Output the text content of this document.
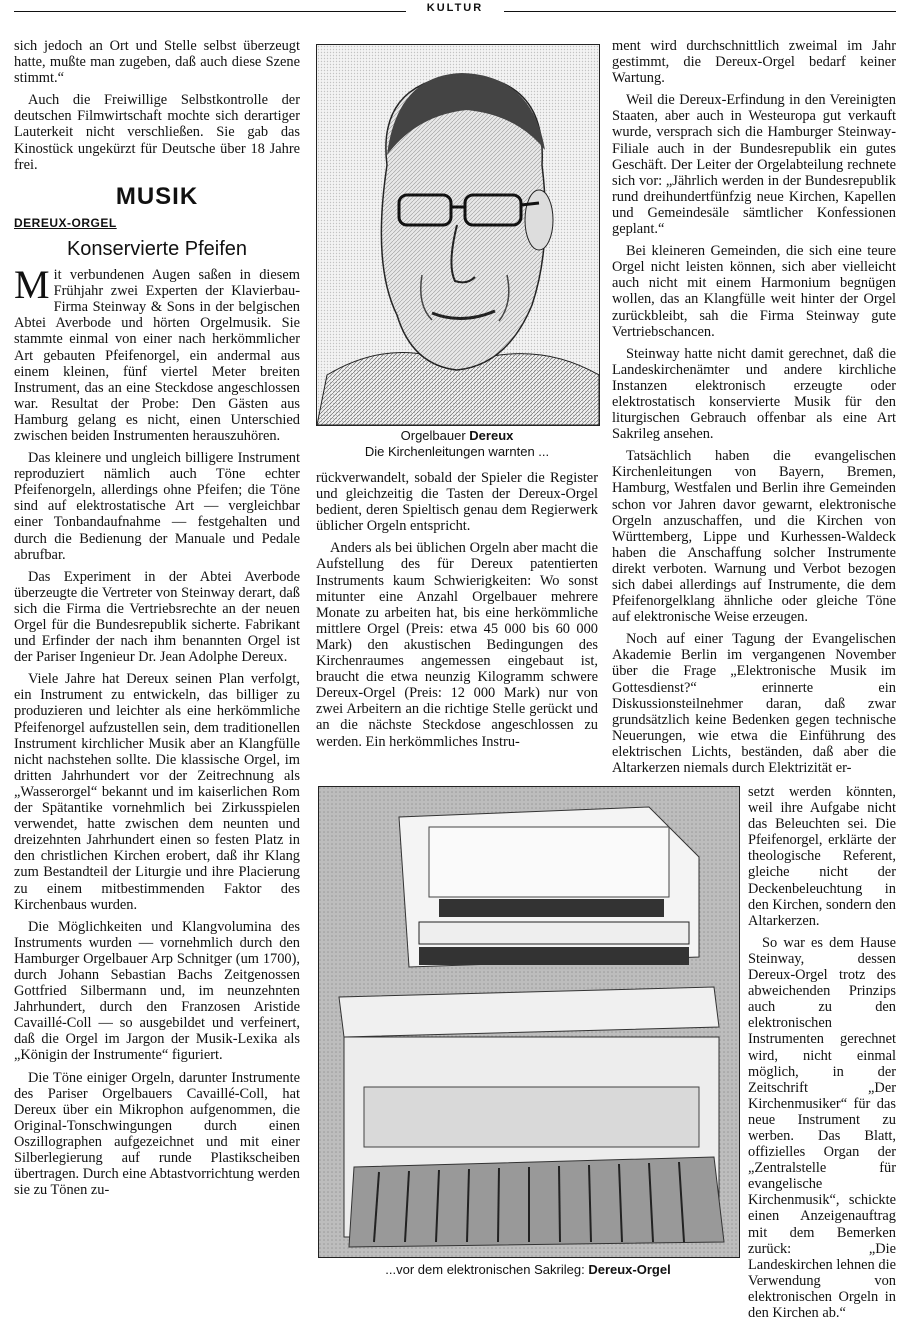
KULTUR

sich jedoch an Ort und Stelle selbst überzeugt hatte, mußte man zugeben, daß auch diese Szene stimmt.“

Auch die Freiwillige Selbstkontrolle der deutschen Filmwirtschaft mochte sich derartiger Lauterkeit nicht verschließen. Sie gab das Kinostück ungekürzt für Deutsche über 18 Jahre frei.

MUSIK
DEREUX-ORGEL
Konservierte Pfeifen

Mit verbundenen Augen saßen in diesem Frühjahr zwei Experten der Klavierbau-Firma Steinway & Sons in der belgischen Abtei Averbode und hörten Orgelmusik. Sie stammte einmal von einer nach herkömmlicher Art gebauten Pfeifenorgel, ein andermal aus einem kleinen, fünf viertel Meter breiten Instrument, das an eine Steckdose angeschlossen war. Resultat der Probe: Den Gästen aus Hamburg gelang es nicht, einen Unterschied zwischen beiden Instrumenten herauszuhören.

Das kleinere und ungleich billigere Instrument reproduziert nämlich auch Töne echter Pfeifenorgeln, allerdings ohne Pfeifen; die Töne sind auf elektrostatische Art — vergleichbar einer Tonbandaufnahme — festgehalten und durch die Bedienung der Manuale und Pedale abrufbar.

Das Experiment in der Abtei Averbode überzeugte die Vertreter von Steinway derart, daß sich die Firma die Vertriebsrechte an der neuen Orgel für die Bundesrepublik sicherte. Fabrikant und Erfinder der nach ihm benannten Orgel ist der Pariser Ingenieur Dr. Jean Adolphe Dereux.

Viele Jahre hat Dereux seinen Plan verfolgt, ein Instrument zu entwickeln, das billiger zu produzieren und leichter als eine herkömmliche Pfeifenorgel aufzustellen sein, dem traditionellen Instrument kirchlicher Musik aber an Klangfülle nicht nachstehen sollte. Die klassische Orgel, im dritten Jahrhundert vor der Zeitrechnung als „Wasserorgel“ bekannt und im kaiserlichen Rom der Spätantike vornehmlich bei Zirkusspielen verwendet, hatte zwischen dem neunten und dreizehnten Jahrhundert einen so festen Platz in den christlichen Kirchen erobert, daß ihr Klang zum Bestandteil der Liturgie und ihre Placierung zu einem mitbestimmenden Faktor des Kirchenbaus wurden.

Die Möglichkeiten und Klangvolumina des Instruments wurden — vornehmlich durch den Hamburger Orgelbauer Arp Schnitger (um 1700), durch Johann Sebastian Bachs Zeitgenossen Gottfried Silbermann und, im neunzehnten Jahrhundert, durch den Franzosen Aristide Cavaillé-Coll — so ausgebildet und verfeinert, daß die Orgel im Jargon der Musik-Lexika als „Königin der Instrumente“ figuriert.

Die Töne einiger Orgeln, darunter Instrumente des Pariser Orgelbauers Cavaillé-Coll, hat Dereux über ein Mikrophon aufgenommen, die Original-Tonschwingungen durch einen Oszillographen aufgezeichnet und mit einer Silberlegierung auf runde Plastikscheiben übertragen. Durch eine Abtastvorrichtung werden sie zu Tönen zu-

Orgelbauer Dereux
Die Kirchenleitungen warnten ...

rückverwandelt, sobald der Spieler die Register und gleichzeitig die Tasten der Dereux-Orgel bedient, deren Spieltisch genau dem Regierwerk üblicher Orgeln entspricht.

Anders als bei üblichen Orgeln aber macht die Aufstellung des für Dereux patentierten Instruments kaum Schwierigkeiten: Wo sonst mitunter eine Anzahl Orgelbauer mehrere Monate zu arbeiten hat, bis eine herkömmliche mittlere Orgel (Preis: etwa 45 000 bis 60 000 Mark) den akustischen Bedingungen des Kirchenraumes angemessen eingebaut ist, braucht die etwa neunzig Kilogramm schwere Dereux-Orgel (Preis: 12 000 Mark) nur von zwei Arbeitern an die richtige Stelle gerückt und an die nächste Steckdose angeschlossen zu werden. Ein herkömmliches Instru-

ment wird durchschnittlich zweimal im Jahr gestimmt, die Dereux-Orgel bedarf keiner Wartung.

Weil die Dereux-Erfindung in den Vereinigten Staaten, aber auch in Westeuropa gut verkauft wurde, versprach sich die Hamburger Steinway-Filiale auch in der Bundesrepublik ein gutes Geschäft. Der Leiter der Orgelabteilung rechnete sich vor: „Jährlich werden in der Bundesrepublik rund dreihundertfünfzig neue Kirchen, Kapellen und Gemeindesäle sämtlicher Konfessionen geplant.“

Bei kleineren Gemeinden, die sich eine teure Orgel nicht leisten können, sich aber vielleicht auch nicht mit einem Harmonium begnügen wollen, das an Klangfülle weit hinter der Orgel zurückbleibt, sah die Firma Steinway gute Vertriebschancen.

Steinway hatte nicht damit gerechnet, daß die Landeskirchenämter und andere kirchliche Instanzen elektronisch erzeugte oder elektrostatisch konservierte Musik für den liturgischen Gebrauch offenbar als eine Art Sakrileg ansehen.

Tatsächlich haben die evangelischen Kirchenleitungen von Bayern, Bremen, Hamburg, Westfalen und Berlin ihre Gemeinden schon vor Jahren davor gewarnt, elektronische Orgeln anzuschaffen, und die Kirchen von Württemberg, Lippe und Kurhessen-Waldeck haben die Anschaffung solcher Instrumente direkt verboten. Warnung und Verbot bezogen sich dabei allerdings auf Instrumente, die dem Pfeifenorgelklang ähnliche oder gleiche Töne auf elektronische Weise erzeugen.

Noch auf einer Tagung der Evangelischen Akademie Berlin im vergangenen November über die Frage „Elektronische Musik im Gottesdienst?“ erinnerte ein Diskussionsteilnehmer daran, daß zwar grundsätzlich keine Bedenken gegen technische Neuerungen, wie etwa die Einführung des elektrischen Lichts, beständen, daß aber die Altarkerzen niemals durch Elektrizität er-

...vor dem elektronischen Sakrileg: Dereux-Orgel

setzt werden könnten, weil ihre Aufgabe nicht das Beleuchten sei. Die Pfeifenorgel, erklärte der theologische Referent, gleiche nicht der Deckenbeleuchtung in den Kirchen, sondern den Altarkerzen.

So war es dem Hause Steinway, dessen Dereux-Orgel trotz des abweichenden Prinzips auch zu den elektronischen Instrumenten gerechnet wird, nicht einmal möglich, in der Zeitschrift „Der Kirchenmusiker“ für das neue Instrument zu werben. Das Blatt, offizielles Organ der „Zentralstelle für evangelische Kirchenmusik“, schickte einen Anzeigenauftrag mit dem Bemerken zurück: „Die Landeskirchen lehnen die Verwendung von elektronischen Orgeln in den Kirchen ab.“
